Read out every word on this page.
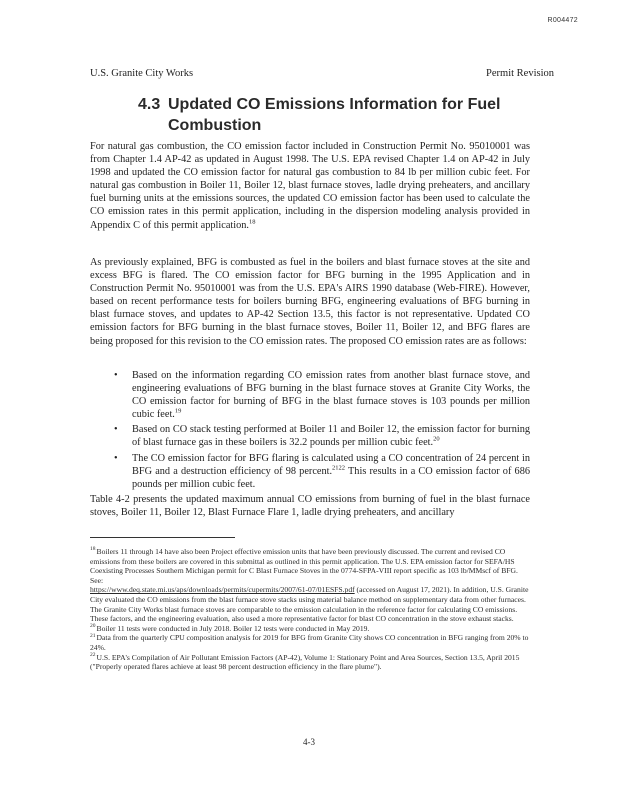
R004472
U.S. Granite City Works	Permit Revision
4.3 Updated CO Emissions Information for Fuel
Combustion

For natural gas combustion, the CO emission factor included in Construction Permit No. 95010001 was from Chapter 1.4 AP-42 as updated in August 1998. The U.S. EPA revised Chapter 1.4 on AP-42 in July 1998 and updated the CO emission factor for natural gas combustion to 84 lb per million cubic feet. For natural gas combustion in Boiler 11, Boiler 12, blast furnace stoves, ladle drying preheaters, and ancillary fuel burning units at the emissions sources, the updated CO emission factor has been used to calculate the CO emission rates in this permit application, including in the dispersion modeling analysis provided in Appendix C of this permit application.$^{18}$

As previously explained, BFG is combusted as fuel in the boilers and blast furnace stoves at the site and excess BFG is flared. The CO emission factor for BFG burning in the 1995 Application and in Construction Permit No. 95010001 was from the U.S. EPA's AIRS 1990 database (Web-FIRE). However, based on recent performance tests for boilers burning BFG, engineering evaluations of BFG burning in blast furnace stoves, and updates to AP-42 Section 13.5, this factor is not representative. Updated CO emission factors for BFG burning in the blast furnace stoves, Boiler 11, Boiler 12, and BFG flares are being proposed for this revision to the CO emission rates. The proposed CO emission rates are as follows:

• Based on the information regarding CO emission rates from another blast furnace stove, and engineering evaluations of BFG burning in the blast furnace stoves at Granite City Works, the CO emission factor for burning of BFG in the blast furnace stoves is 103 pounds per million cubic feet.$^{19}$
• Based on CO stack testing performed at Boiler 11 and Boiler 12, the emission factor for burning of blast furnace gas in these boilers is 32.2 pounds per million cubic feet.$^{20}$
• The CO emission factor for BFG flaring is calculated using a CO concentration of 24 percent in BFG and a destruction efficiency of 98 percent.$^{2122}$ This results in a CO emission factor of 686 pounds per million cubic feet.

Table 4-2 presents the updated maximum annual CO emissions from burning of fuel in the blast furnace stoves, Boiler 11, Boiler 12, Blast Furnace Flare 1, ladle drying preheaters, and ancillary

$^{18}$Boilers 11 through 14 have also been Project effective emission units that have been previously discussed. The current and revised CO emissions from these boilers are covered in this submittal as outlined in this permit application. The U.S. EPA emission factor for SEFA/HS Coexisting Processes Southern Michigan permit for C Blast Furnace Stoves in the 0774-SFPA-VIII report specific as 103 lb/MMscf of BFG. See:
https://www.deq.state.mi.us/aps/downloads/permits/cupermits/2007/61-07/01ESFS.pdf (accessed on August 17, 2021). In addition, U.S. Granite City evaluated the CO emissions from the blast furnace stove stacks using material balance method on supplementary data from other furnaces. The Granite City Works blast furnace stoves are comparable to the emission calculation in the reference factor for calculating CO emissions. These factors, and the engineering evaluation, also used a more representative factor for blast CO concentration in the stove exhaust stacks.
$^{20}$Boiler 11 tests were conducted in July 2018. Boiler 12 tests were conducted in May 2019.
$^{21}$Data from the quarterly CPU composition analysis for 2019 for BFG from Granite City shows CO concentration in BFG ranging from 20% to 24%.
$^{22}$U.S. EPA's Compilation of Air Pollutant Emission Factors (AP-42), Volume 1: Stationary Point and Area Sources, Section 13.5, April 2015 ("Properly operated flares achieve at least 98 percent destruction efficiency in the flare plume").
4-3
